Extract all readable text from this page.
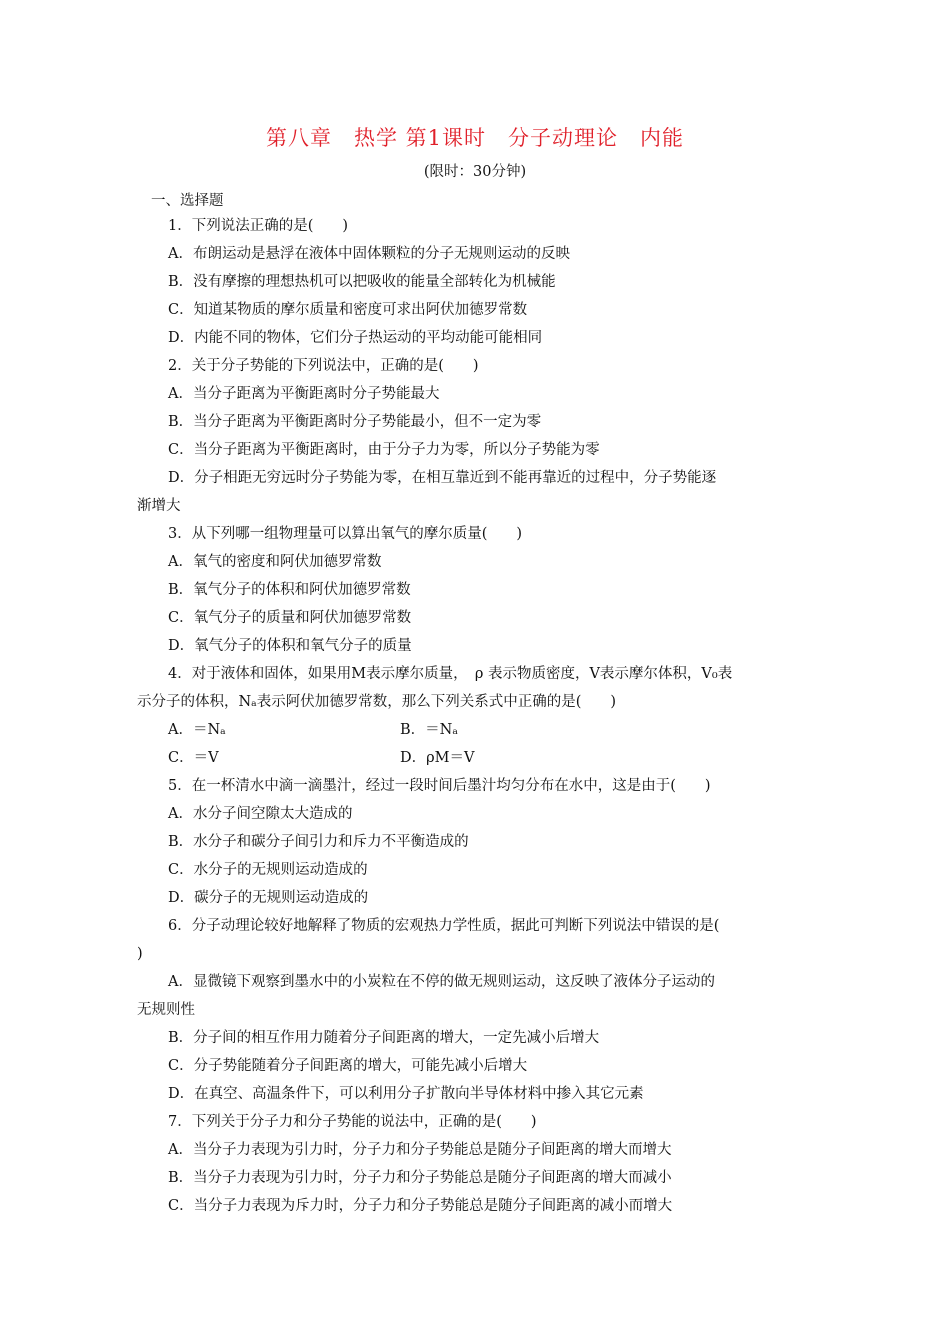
第八章　热学 第1课时　分子动理论　内能
(限时：30分钟)
一、选择题
1．下列说法正确的是(　　)
A．布朗运动是悬浮在液体中固体颗粒的分子无规则运动的反映
B．没有摩擦的理想热机可以把吸收的能量全部转化为机械能
C．知道某物质的摩尔质量和密度可求出阿伏加德罗常数
D．内能不同的物体，它们分子热运动的平均动能可能相同
2．关于分子势能的下列说法中，正确的是(　　)
A．当分子距离为平衡距离时分子势能最大
B．当分子距离为平衡距离时分子势能最小，但不一定为零
C．当分子距离为平衡距离时，由于分子力为零，所以分子势能为零
D．分子相距无穷远时分子势能为零，在相互靠近到不能再靠近的过程中，分子势能逐
渐增大
3．从下列哪一组物理量可以算出氧气的摩尔质量(　　)
A．氧气的密度和阿伏加德罗常数
B．氧气分子的体积和阿伏加德罗常数
C．氧气分子的质量和阿伏加德罗常数
D．氧气分子的体积和氧气分子的质量
4．对于液体和固体，如果用M表示摩尔质量，　ρ 表示物质密度，V表示摩尔体积，V₀表
示分子的体积，Nₐ表示阿伏加德罗常数，那么下列关系式中正确的是(　　)
A．＝Nₐ	B．＝Nₐ
C．＝V	D．ρM＝V
5．在一杯清水中滴一滴墨汁，经过一段时间后墨汁均匀分布在水中，这是由于(　　)
A．水分子间空隙太大造成的
B．水分子和碳分子间引力和斥力不平衡造成的
C．水分子的无规则运动造成的
D．碳分子的无规则运动造成的
6．分子动理论较好地解释了物质的宏观热力学性质，据此可判断下列说法中错误的是(
)
A．显微镜下观察到墨水中的小炭粒在不停的做无规则运动，这反映了液体分子运动的
无规则性
B．分子间的相互作用力随着分子间距离的增大，一定先减小后增大
C．分子势能随着分子间距离的增大，可能先减小后增大
D．在真空、高温条件下，可以利用分子扩散向半导体材料中掺入其它元素
7．下列关于分子力和分子势能的说法中，正确的是(　　)
A．当分子力表现为引力时，分子力和分子势能总是随分子间距离的增大而增大
B．当分子力表现为引力时，分子力和分子势能总是随分子间距离的增大而减小
C．当分子力表现为斥力时，分子力和分子势能总是随分子间距离的减小而增大
